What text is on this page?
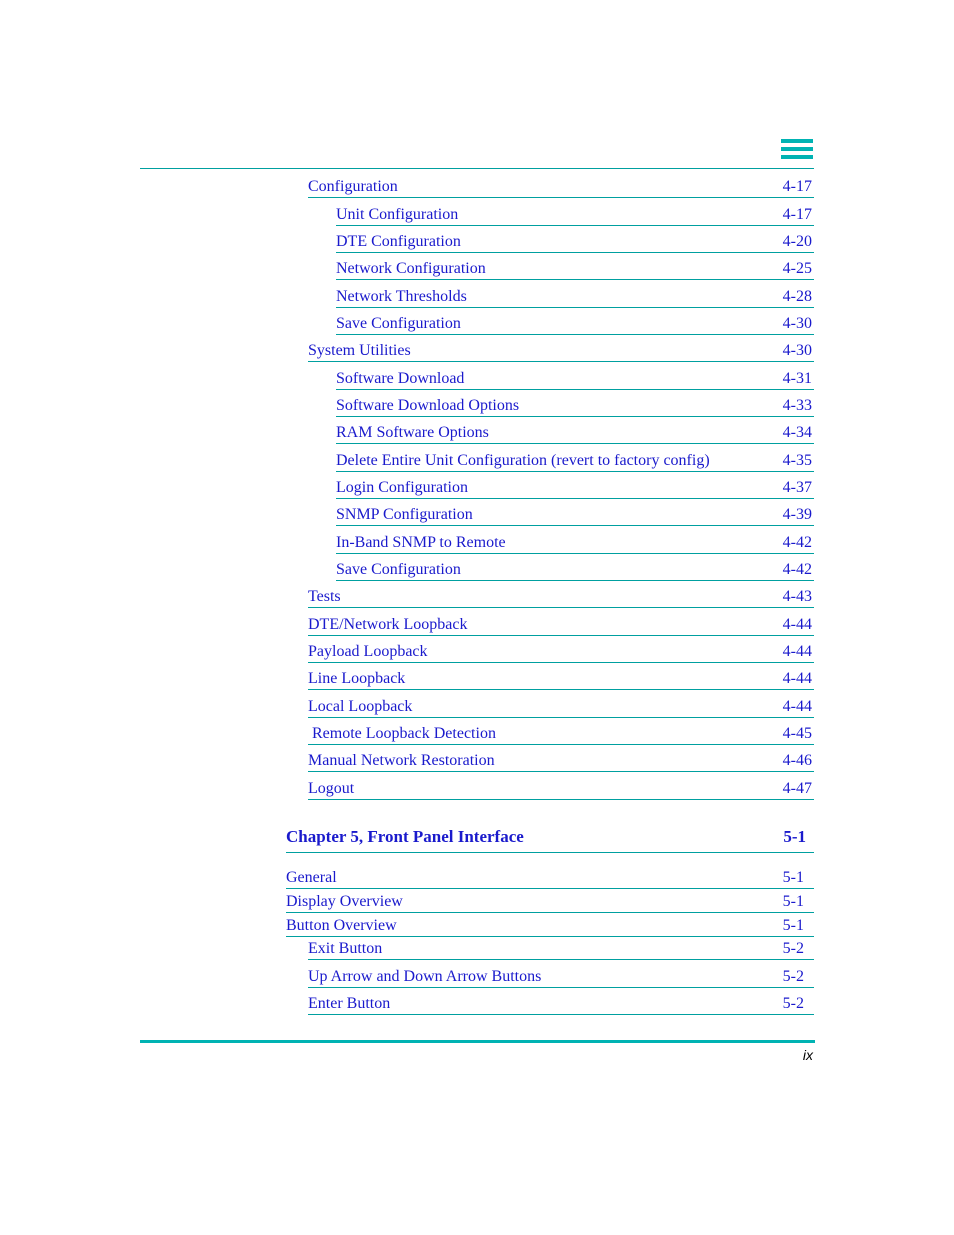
Configuration	4-17
Unit Configuration	4-17
DTE Configuration	4-20
Network Configuration	4-25
Network Thresholds	4-28
Save Configuration	4-30
System Utilities	4-30
Software Download	4-31
Software Download Options	4-33
RAM Software Options	4-34
Delete Entire Unit Configuration (revert to factory config)	4-35
Login Configuration	4-37
SNMP Configuration	4-39
In-Band SNMP to Remote	4-42
Save Configuration	4-42
Tests	4-43
DTE/Network Loopback	4-44
Payload Loopback	4-44
Line Loopback	4-44
Local Loopback	4-44
Remote Loopback Detection	4-45
Manual Network Restoration	4-46
Logout	4-47
Chapter 5, Front Panel Interface	5-1
General	5-1
Display Overview	5-1
Button Overview	5-1
Exit Button	5-2
Up Arrow and Down Arrow Buttons	5-2
Enter Button	5-2
ix
